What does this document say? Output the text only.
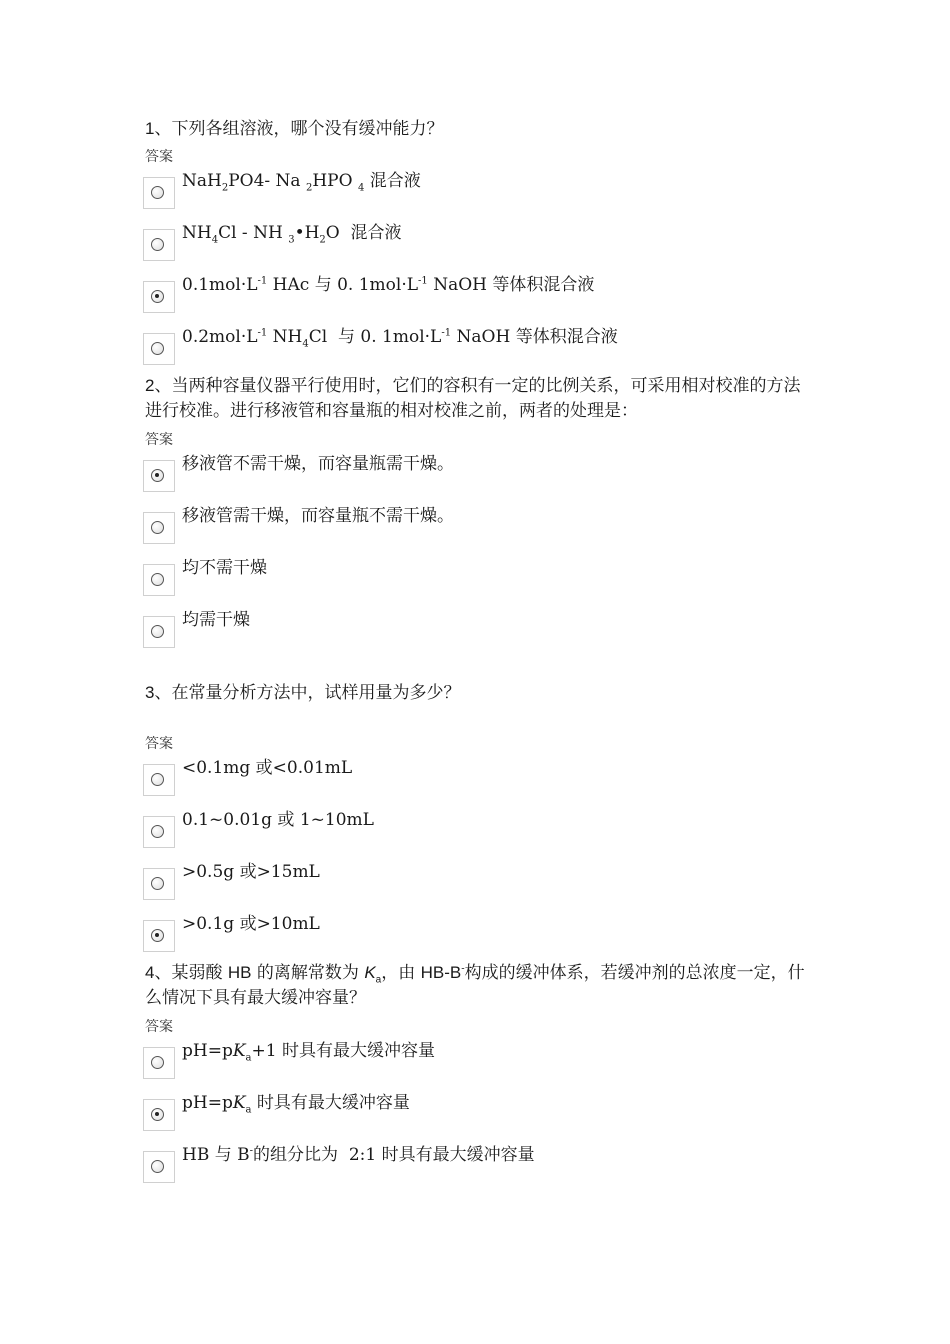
1、下列各组溶液，哪个没有缓冲能力？
答案
NaH$_2$PO4- Na $_2$HPO $_4$ 混合液
$NH_4Cl$ - NH $_3•H_2O$  混合液
$0.1mol\cdot L^{-1}$ HAc 与 0. $1mol\cdot L^{-1}$ NaOH 等体积混合液
$0.2mol\cdot L^{-1}$ $NH_4Cl$  与 0. $1mol\cdot L^{-1}$ NaOH 等体积混合液
2、当两种容量仪器平行使用时，它们的容积有一定的比例关系，可采用相对校准的方法进行校准。进行移液管和容量瓶的相对校准之前，两者的处理是：
答案
移液管不需干燥，而容量瓶需干燥。
移液管需干燥，而容量瓶不需干燥。
均不需干燥
均需干燥
3、在常量分析方法中，试样用量为多少？
答案
<0.1mg 或<0.01mL
0.1~0.01g 或 1~10mL
>0.5g 或>15mL
>0.1g 或>10mL
4、某弱酸 HB 的离解常数为 $K_a$，由 HB-B-构成的缓冲体系，若缓冲剂的总浓度一定，什么情况下具有最大缓冲容量？
答案
$pH=pK_a+1$ 时具有最大缓冲容量
$pH=pK_a$ 时具有最大缓冲容量
HB 与 B-的组分比为  2:1 时具有最大缓冲容量
